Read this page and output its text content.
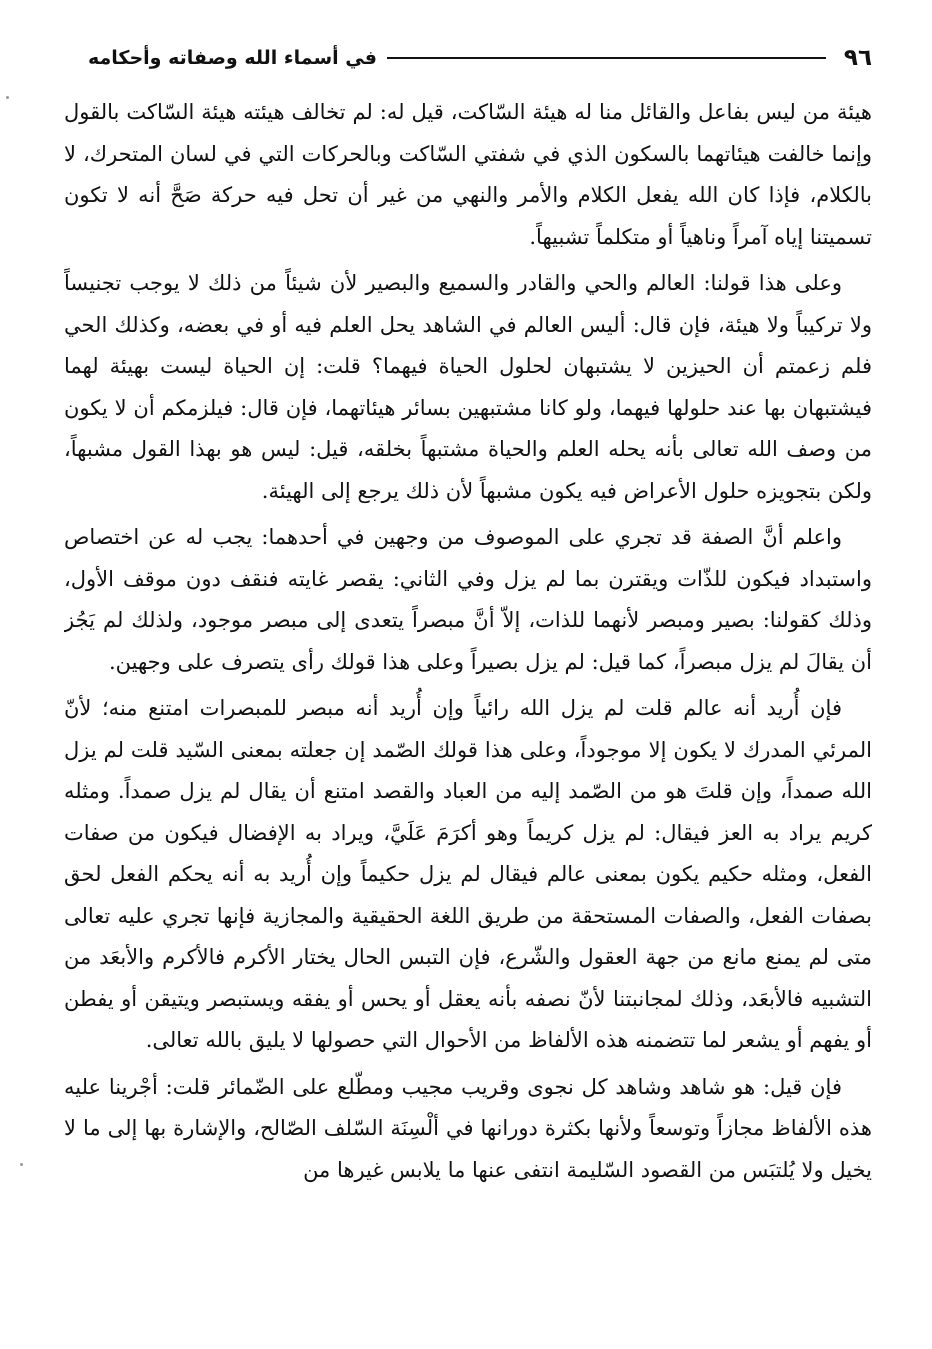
٩٦
في أسماء الله وصفاته وأحكامه

هيئة من ليس بفاعل والقائل منا له هيئة السّاكت، قيل له: لم تخالف هيئته هيئة السّاكت بالقول وإنما خالفت هيئاتهما بالسكون الذي في شفتي السّاكت وبالحركات التي في لسان المتحرك، لا بالكلام، فإذا كان الله يفعل الكلام والأمر والنهي من غير أن تحل فيه حركة صَحَّ أنه لا تكون تسميتنا إياه آمراً وناهياً أو متكلماً تشبيهاً.

وعلى هذا قولنا: العالم والحي والقادر والسميع والبصير لأن شيئاً من ذلك لا يوجب تجنيساً ولا تركيباً ولا هيئة، فإن قال: أليس العالم في الشاهد يحل العلم فيه أو في بعضه، وكذلك الحي فلم زعمتم أن الحيزين لا يشتبهان لحلول الحياة فيهما؟ قلت: إن الحياة ليست بهيئة لهما فيشتبهان بها عند حلولها فيهما، ولو كانا مشتبهين بسائر هيئاتهما، فإن قال: فيلزمكم أن لا يكون من وصف الله تعالى بأنه يحله العلم والحياة مشتبهاً بخلقه، قيل: ليس هو بهذا القول مشبهاً، ولكن بتجويزه حلول الأعراض فيه يكون مشبهاً لأن ذلك يرجع إلى الهيئة.

واعلم أنَّ الصفة قد تجري على الموصوف من وجهين في أحدهما: يجب له عن اختصاص واستبداد فيكون للذّات ويقترن بما لم يزل وفي الثاني: يقصر غايته فنقف دون موقف الأول، وذلك كقولنا: بصير ومبصر لأنهما للذات، إلاّ أنَّ مبصراً يتعدى إلى مبصر موجود، ولذلك لم يَجُز أن يقالَ لم يزل مبصراً، كما قيل: لم يزل بصيراً وعلى هذا قولك رأى يتصرف على وجهين.

فإن أُريد أنه عالم قلت لم يزل الله رائياً وإن أُريد أنه مبصر للمبصرات امتنع منه؛ لأنّ المرئي المدرك لا يكون إلا موجوداً، وعلى هذا قولك الصّمد إن جعلته بمعنى السّيد قلت لم يزل الله صمداً، وإن قلتَ هو من الصّمد إليه من العباد والقصد امتنع أن يقال لم يزل صمداً. ومثله كريم يراد به العز فيقال: لم يزل كريماً وهو أكرَمَ عَلَيَّ، ويراد به الإفضال فيكون من صفات الفعل، ومثله حكيم يكون بمعنى عالم فيقال لم يزل حكيماً وإن أُريد به أنه يحكم الفعل لحق بصفات الفعل، والصفات المستحقة من طريق اللغة الحقيقية والمجازية فإنها تجري عليه تعالى متى لم يمنع مانع من جهة العقول والشّرع، فإن التبس الحال يختار الأكرم فالأكرم والأبعَد من التشبيه فالأبعَد، وذلك لمجانبتنا لأنّ نصفه بأنه يعقل أو يحس أو يفقه ويستبصر ويتيقن أو يفطن أو يفهم أو يشعر لما تتضمنه هذه الألفاظ من الأحوال التي حصولها لا يليق بالله تعالى.

فإن قيل: هو شاهد وشاهد كل نجوى وقريب مجيب ومطّلع على الضّمائر قلت: أجْرينا عليه هذه الألفاظ مجازاً وتوسعاً ولأنها بكثرة دورانها في ألْسِنَة السّلف الصّالح، والإشارة بها إلى ما لا يخيل ولا يُلتبَس من القصود السّليمة انتفى عنها ما يلابس غيرها من
